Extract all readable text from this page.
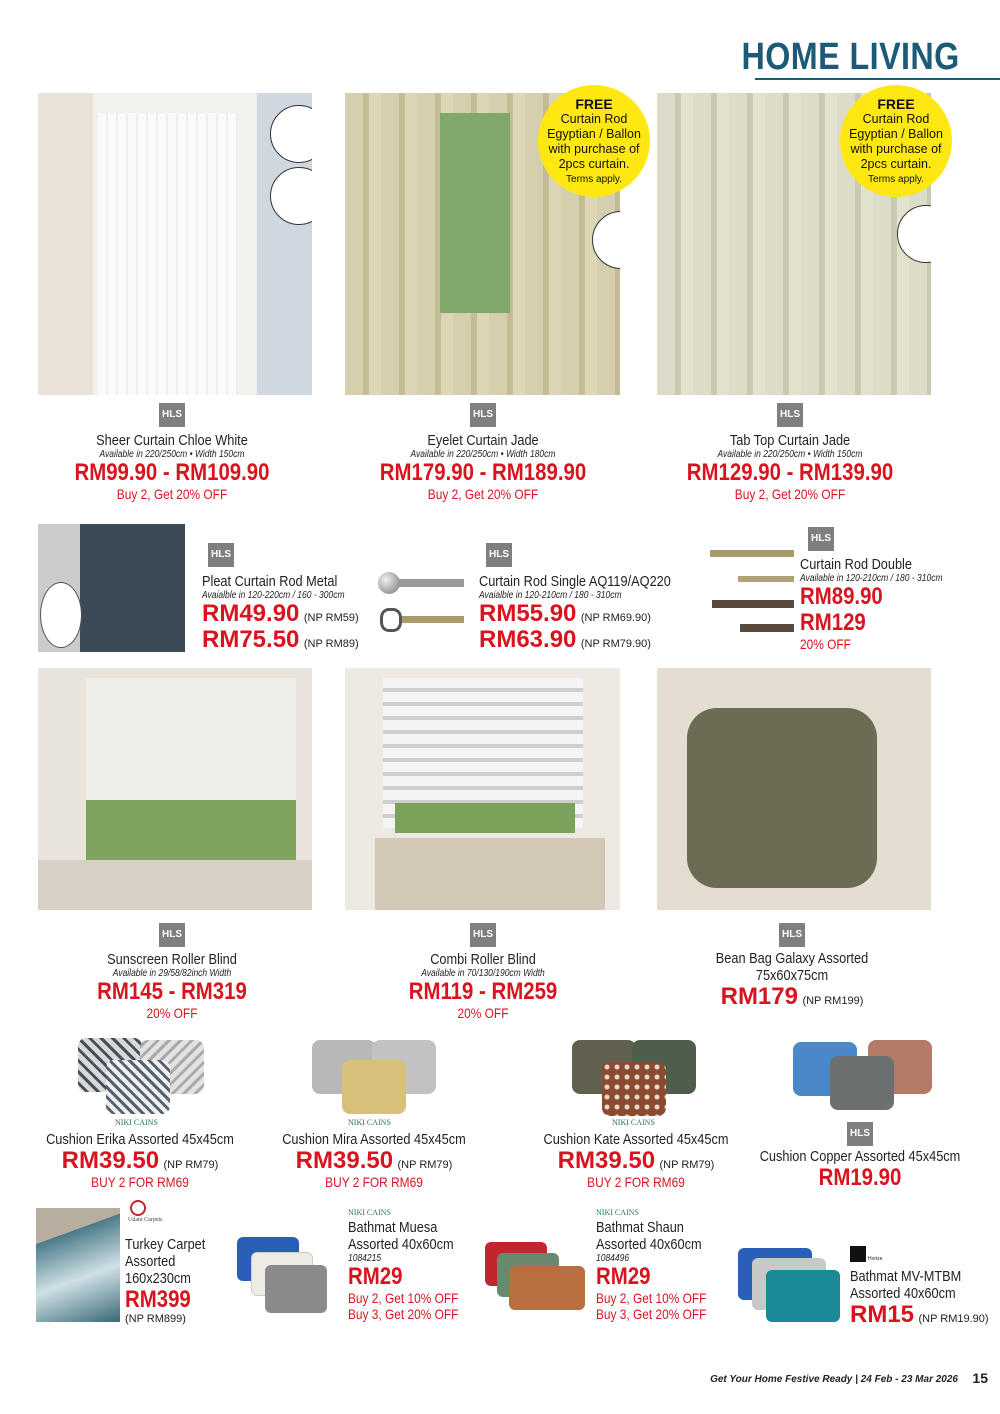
HOME LIVING
FREE
Curtain Rod
Egyptian / Ballon
with purchase of
2pcs curtain.
Terms apply.
FREE
Curtain Rod
Egyptian / Ballon
with purchase of
2pcs curtain.
Terms apply.
HLS	HLS	HLS
Sheer Curtain Chloe White
Available in 220/250cm • Width 150cm
RM99.90 - RM109.90
Buy 2, Get 20% OFF
Eyelet Curtain Jade
Available in 220/250cm • Width 180cm
RM179.90 - RM189.90
Buy 2, Get 20% OFF
Tab Top Curtain Jade
Available in 220/250cm • Width 150cm
RM129.90 - RM139.90
Buy 2, Get 20% OFF
HLS
Pleat Curtain Rod Metal
Avaialble in 120-220cm / 160 - 300cm
RM49.90 (NP RM59)
RM75.50 (NP RM89)
HLS
Curtain Rod Single AQ119/AQ220
Avaialble in 120-210cm / 180 - 310cm
RM55.90 (NP RM69.90)
RM63.90 (NP RM79.90)
HLS
Curtain Rod Double
Available in 120-210cm / 180 - 310cm
RM89.90
RM129
20% OFF
HLS	HLS	HLS
Sunscreen Roller Blind
Available in 29/58/82inch Width
RM145 - RM319
20% OFF
Combi Roller Blind
Available in 70/130/190cm Width
RM119 - RM259
20% OFF
Bean Bag Galaxy Assorted
75x60x75cm
RM179 (NP RM199)
NIKI CAINS	NIKI CAINS	NIKI CAINS
HLS
Cushion Erika Assorted 45x45cm
RM39.50 (NP RM79)
BUY 2 FOR RM69
Cushion Mira Assorted 45x45cm
RM39.50 (NP RM79)
BUY 2 FOR RM69
Cushion Kate Assorted 45x45cm
RM39.50 (NP RM79)
BUY 2 FOR RM69
Cushion Copper Assorted 45x45cm
RM19.90
Udani Carpets
Turkey Carpet
Assorted
160x230cm
RM399
(NP RM899)
NIKI CAINS
Bathmat Muesa
Assorted 40x60cm
1084215
RM29
Buy 2, Get 10% OFF
Buy 3, Get 20% OFF
NIKI CAINS
Bathmat Shaun
Assorted 40x60cm
1084496
RM29
Buy 2, Get 10% OFF
Buy 3, Get 20% OFF
Horize
Bathmat MV-MTBM
Assorted 40x60cm
RM15 (NP RM19.90)
Get Your Home Festive Ready | 24 Feb - 23 Mar 2026 15
